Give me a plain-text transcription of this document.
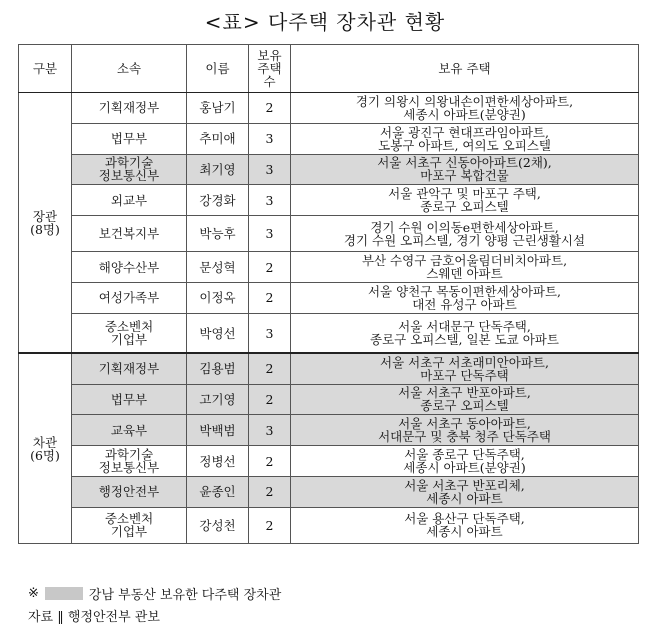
<표> 다주택 장차관 현황
구분	소속	이름	보유
주택
수	보유 주택

장관
(8명)	기획재정부	홍남기	2	경기 의왕시 의왕내손이편한세상아파트,
세종시 아파트(분양권)

	법무부	추미애	3	서울 광진구 현대프라임아파트,
도봉구 아파트, 여의도 오피스텔

	과학기술
정보통신부	최기영	3	서울 서초구 신동아아파트(2채),
마포구 복합건물

	외교부	강경화	3	서울 관악구 및 마포구 주택,
종로구 오피스텔

	보건복지부	박능후	3	경기 수원 이의동e편한세상아파트,
경기 수원 오피스텔, 경기 양평 근린생활시설

	해양수산부	문성혁	2	부산 수영구 금호어울림더비치아파트,
스웨덴 아파트

	여성가족부	이정옥	2	서울 양천구 목동이편한세상아파트,
대전 유성구 아파트

	중소벤처
기업부	박영선	3	서울 서대문구 단독주택,
종로구 오피스텔, 일본 도쿄 아파트

차관
(6명)	기획재정부	김용범	2	서울 서초구 서초래미안아파트,
마포구 단독주택

	법무부	고기영	2	서울 서초구 반포아파트,
종로구 오피스텔

	교육부	박백범	3	서울 서초구 동아아파트,
서대문구 및 충북 청주 단독주택

	과학기술
정보통신부	정병선	2	서울 종로구 단독주택,
세종시 아파트(분양권)

	행정안전부	윤종인	2	서울 서초구 반포리체,
세종시 아파트

	중소벤처
기업부	강성천	2	서울 용산구 단독주택,
세종시 아파트
※	강남 부동산 보유한 다주택 장차관
자료 ‖ 행정안전부 관보
